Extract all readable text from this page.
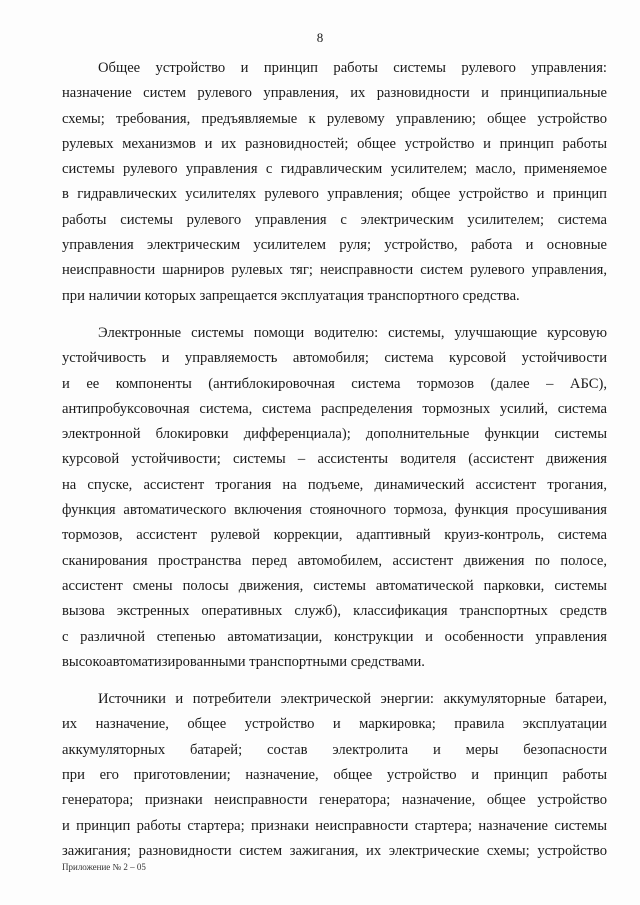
8

Общее устройство и принцип работы системы рулевого управления:
назначение систем рулевого управления, их разновидности и принципиальные
схемы; требования, предъявляемые к рулевому управлению; общее устройство
рулевых механизмов и их разновидностей; общее устройство и принцип работы
системы рулевого управления с гидравлическим усилителем; масло, применяемое
в гидравлических усилителях рулевого управления; общее устройство и принцип
работы системы рулевого управления с электрическим усилителем; система
управления электрическим усилителем руля; устройство, работа и основные
неисправности шарниров рулевых тяг; неисправности систем рулевого управления,
при наличии которых запрещается эксплуатация транспортного средства.

Электронные системы помощи водителю: системы, улучшающие курсовую
устойчивость и управляемость автомобиля; система курсовой устойчивости
и ее компоненты (антиблокировочная система тормозов (далее – АБС),
антипробуксовочная система, система распределения тормозных усилий, система
электронной блокировки дифференциала); дополнительные функции системы
курсовой устойчивости; системы – ассистенты водителя (ассистент движения
на спуске, ассистент трогания на подъеме, динамический ассистент трогания,
функция автоматического включения стояночного тормоза, функция просушивания
тормозов, ассистент рулевой коррекции, адаптивный круиз-контроль, система
сканирования пространства перед автомобилем, ассистент движения по полосе,
ассистент смены полосы движения, системы автоматической парковки, системы
вызова экстренных оперативных служб), классификация транспортных средств
с различной степенью автоматизации, конструкции и особенности управления
высокоавтоматизированными транспортными средствами.

Источники и потребители электрической энергии: аккумуляторные батареи,
их назначение, общее устройство и маркировка; правила эксплуатации
аккумуляторных батарей; состав электролита и меры безопасности
при его приготовлении; назначение, общее устройство и принцип работы
генератора; признаки неисправности генератора; назначение, общее устройство
и принцип работы стартера; признаки неисправности стартера; назначение системы
зажигания; разновидности систем зажигания, их электрические схемы; устройство

Приложение № 2 – 05
